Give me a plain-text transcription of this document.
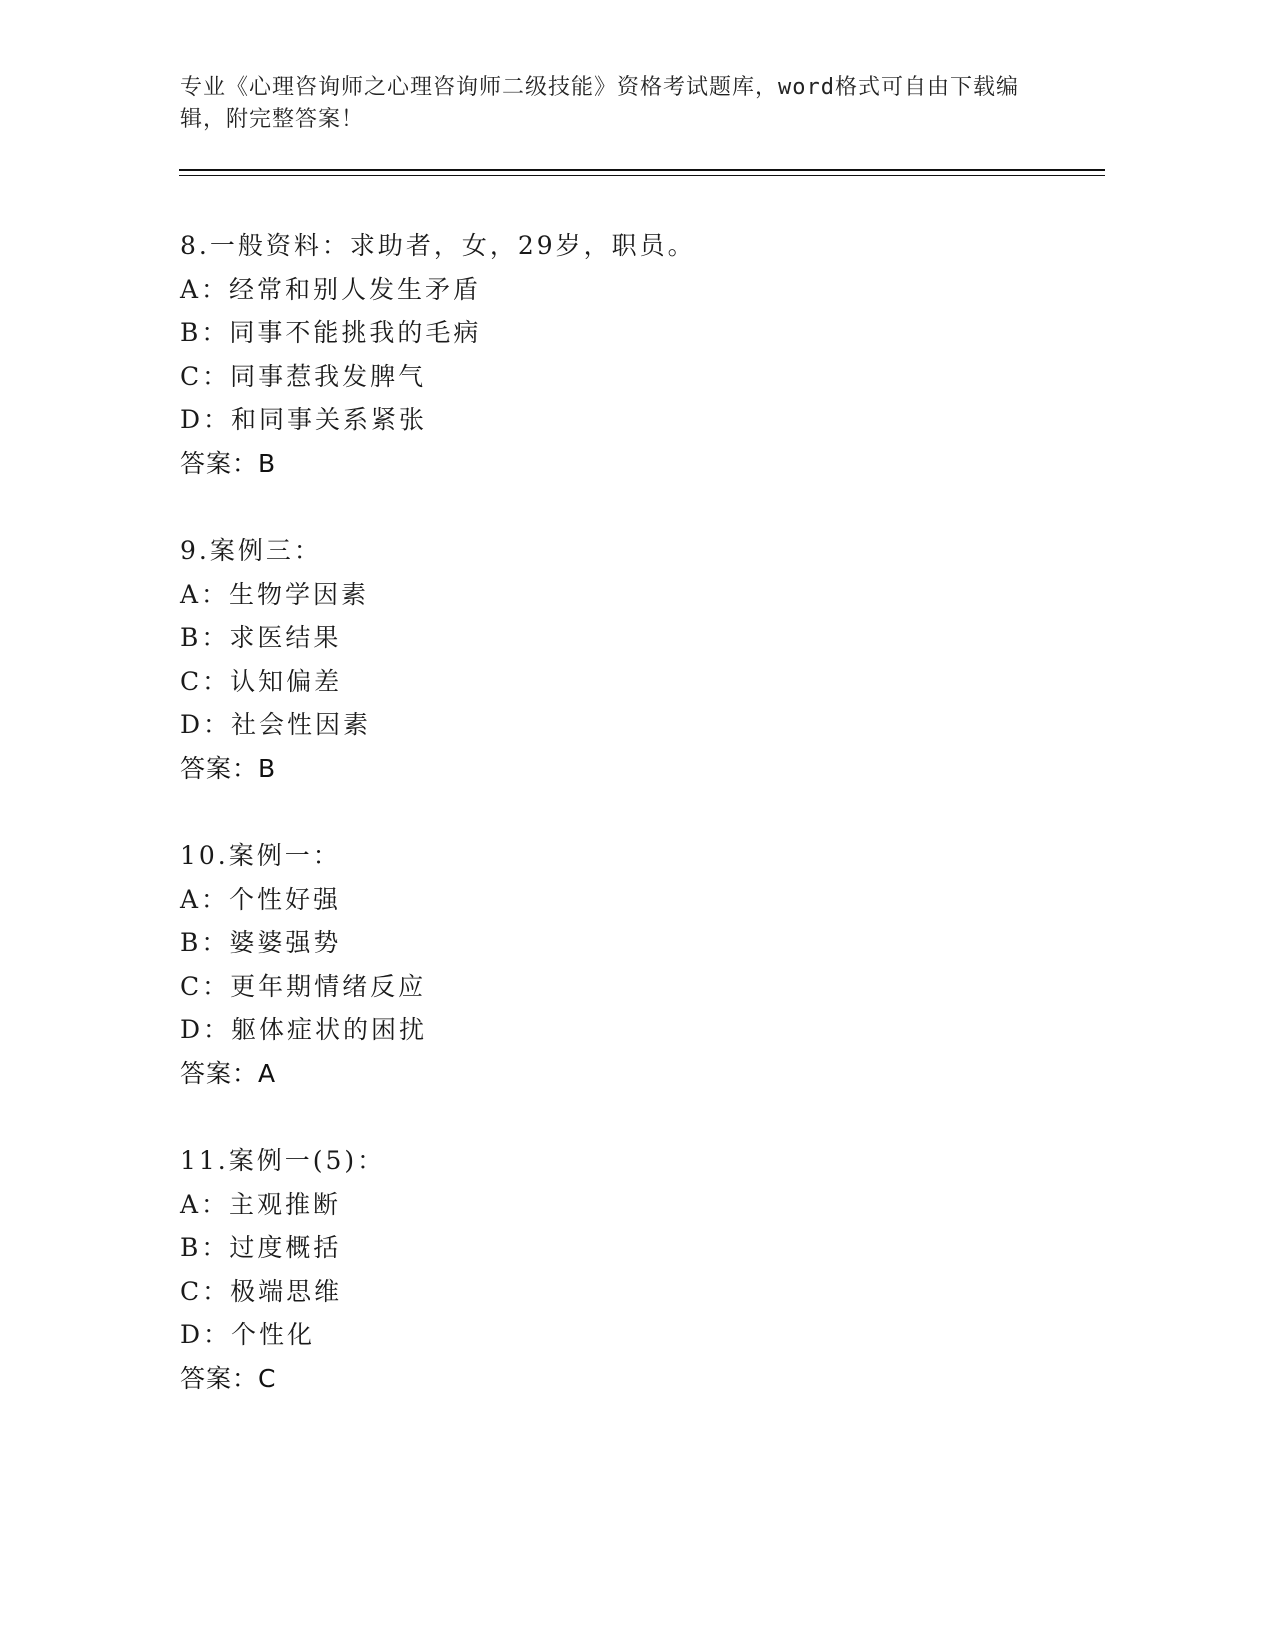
专业《心理咨询师之心理咨询师二级技能》资格考试题库，word格式可自由下载编辑，附完整答案！
8.一般资料：求助者，女，29岁，职员。
A：经常和别人发生矛盾
B：同事不能挑我的毛病
C：同事惹我发脾气
D：和同事关系紧张
答案：B
9.案例三：
A：生物学因素
B：求医结果
C：认知偏差
D：社会性因素
答案：B
10.案例一：
A：个性好强
B：婆婆强势
C：更年期情绪反应
D：躯体症状的困扰
答案：A
11.案例一(5)：
A：主观推断
B：过度概括
C：极端思维
D：个性化
答案：C
